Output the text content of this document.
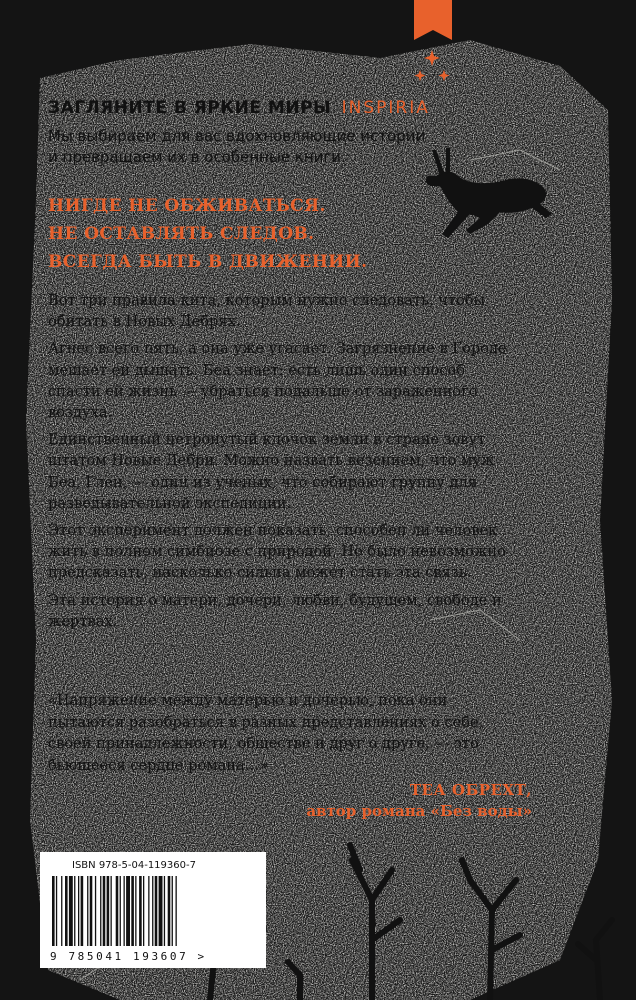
ЗАГЛЯНИТЕ В ЯРКИЕ МИРЫ INSPIRIA

Мы выбираем для вас вдохновляющие истории

и превращаем их в особенные книги.

НИГДЕ НЕ ОБЖИВАТЬСЯ.

НЕ ОСТАВЛЯТЬ СЛЕДОВ.

ВСЕГДА БЫТЬ В ДВИЖЕНИИ.

Вот три правила-кита, которым нужно следовать, чтобы обитать в Новых Дебрях.

Агнес всего пять, а она уже угасает. Загрязнение в Городе мешает ей дышать. Беа знает: есть лишь один способ спасти ей жизнь — убраться подальше от зараженного воздуха.

Единственный нетронутый клочок земли в стране зовут штатом Новые Дебри. Можно назвать везением, что муж Беа, Глен, — один из ученых, что собирают группу для разведывательной экспедиции.

Этот эксперимент должен показать, способен ли человек жить в полном симбиозе с природой. Но было невозможно предсказать, насколько сильна может стать эта связь.

Эта история о матери, дочери, любви, будущем, свободе и жертвах.

«Напряжение между матерью и дочерью, пока они пытаются разобраться в разных представлениях о себе, своей принадлежности, обществе и друг о друге, — это бьющееся сердце романа…»

ТЕА ОБРЕХТ,
автор романа «Без воды»
ISBN 978-5-04-119360-7
9 785041 193607 >
